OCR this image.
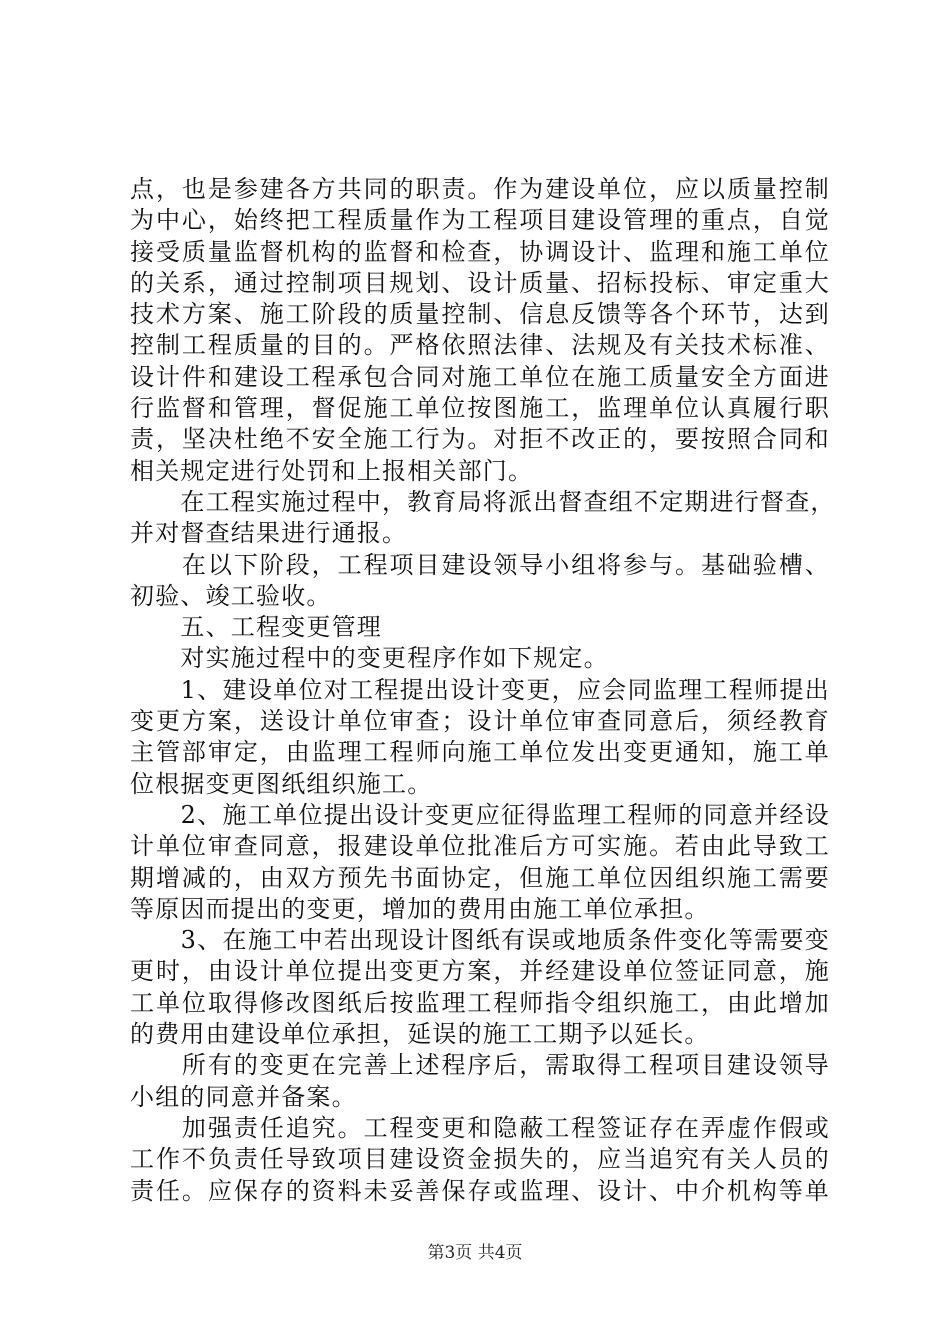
点，也是参建各方共同的职责。作为建设单位，应以质量控制
为中心，始终把工程质量作为工程项目建设管理的重点，自觉
接受质量监督机构的监督和检查，协调设计、监理和施工单位
的关系，通过控制项目规划、设计质量、招标投标、审定重大
技术方案、施工阶段的质量控制、信息反馈等各个环节，达到
控制工程质量的目的。严格依照法律、法规及有关技术标准、
设计件和建设工程承包合同对施工单位在施工质量安全方面进
行监督和管理，督促施工单位按图施工，监理单位认真履行职
责，坚决杜绝不安全施工行为。对拒不改正的，要按照合同和
相关规定进行处罚和上报相关部门。
　　在工程实施过程中，教育局将派出督查组不定期进行督查，
并对督查结果进行通报。
　　在以下阶段，工程项目建设领导小组将参与。基础验槽、
初验、竣工验收。
　　五、工程变更管理
　　对实施过程中的变更程序作如下规定。
　　1、建设单位对工程提出设计变更，应会同监理工程师提出
变更方案，送设计单位审查；设计单位审查同意后，须经教育
主管部审定，由监理工程师向施工单位发出变更通知，施工单
位根据变更图纸组织施工。
　　2、施工单位提出设计变更应征得监理工程师的同意并经设
计单位审查同意，报建设单位批准后方可实施。若由此导致工
期增减的，由双方预先书面协定，但施工单位因组织施工需要
等原因而提出的变更，增加的费用由施工单位承担。
　　3、在施工中若出现设计图纸有误或地质条件变化等需要变
更时，由设计单位提出变更方案，并经建设单位签证同意，施
工单位取得修改图纸后按监理工程师指令组织施工，由此增加
的费用由建设单位承担，延误的施工工期予以延长。
　　所有的变更在完善上述程序后，需取得工程项目建设领导
小组的同意并备案。
　　加强责任追究。工程变更和隐蔽工程签证存在弄虚作假或
工作不负责任导致项目建设资金损失的，应当追究有关人员的
责任。应保存的资料未妥善保存或监理、设计、中介机构等单
第3页 共4页
